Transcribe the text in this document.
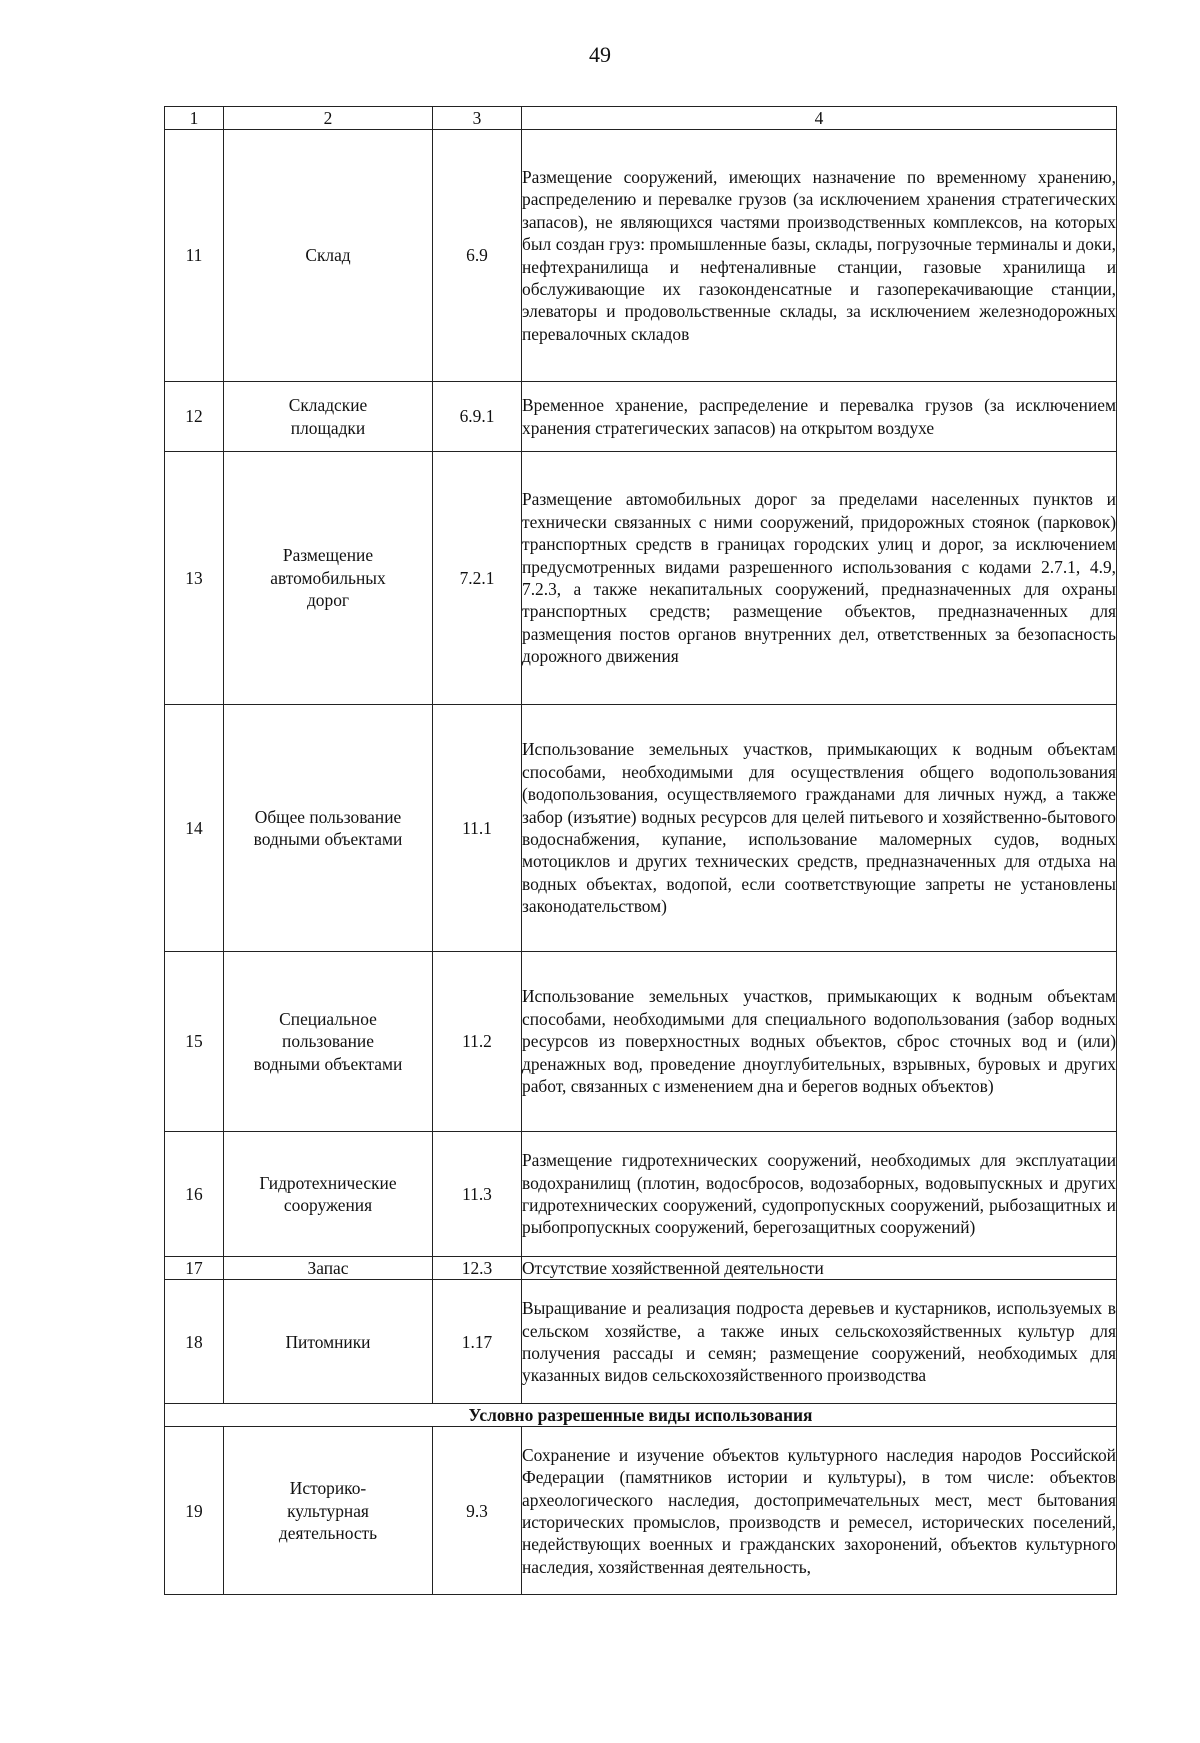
49
1	2	3	4
11	Склад	6.9	Размещение сооружений, имеющих назначение по временному хранению, распределению и перевалке грузов (за исключением хранения стратегических запасов), не являющихся частями производственных комплексов, на которых был создан груз: промышленные базы, склады, погрузочные терминалы и доки, нефтехранилища и нефтеналивные станции, газовые хранилища и обслуживающие их газоконденсатные и газоперекачивающие станции, элеваторы и продовольственные склады, за исключением железнодорожных перевалочных складов
12	Складские площадки	6.9.1	Временное хранение, распределение и перевалка грузов (за исключением хранения стратегических запасов) на открытом воздухе
13	Размещение автомобильных дорог	7.2.1	Размещение автомобильных дорог за пределами населенных пунктов и технически связанных с ними сооружений, придорожных стоянок (парковок) транспортных средств в границах городских улиц и дорог, за исключением предусмотренных видами разрешенного использования с кодами 2.7.1, 4.9, 7.2.3, а также некапитальных сооружений, предназначенных для охраны транспортных средств; размещение объектов, предназначенных для размещения постов органов внутренних дел, ответственных за безопасность дорожного движения
14	Общее пользование водными объектами	11.1	Использование земельных участков, примыкающих к водным объектам способами, необходимыми для осуществления общего водопользования (водопользования, осуществляемого гражданами для личных нужд, а также забор (изъятие) водных ресурсов для целей питьевого и хозяйственно-бытового водоснабжения, купание, использование маломерных судов, водных мотоциклов и других технических средств, предназначенных для отдыха на водных объектах, водопой, если соответствующие запреты не установлены законодательством)
15	Специальное пользование водными объектами	11.2	Использование земельных участков, примыкающих к водным объектам способами, необходимыми для специального водопользования (забор водных ресурсов из поверхностных водных объектов, сброс сточных вод и (или) дренажных вод, проведение дноуглубительных, взрывных, буровых и других работ, связанных с изменением дна и берегов водных объектов)
16	Гидротехнические сооружения	11.3	Размещение гидротехнических сооружений, необходимых для эксплуатации водохранилищ (плотин, водосбросов, водозаборных, водовыпускных и других гидротехнических сооружений, судопропускных сооружений, рыбозащитных и рыбопропускных сооружений, берегозащитных сооружений)
17	Запас	12.3	Отсутствие хозяйственной деятельности
18	Питомники	1.17	Выращивание и реализация подроста деревьев и кустарников, используемых в сельском хозяйстве, а также иных сельскохозяйственных культур для получения рассады и семян; размещение сооружений, необходимых для указанных видов сельскохозяйственного производства
Условно разрешенные виды использования			
19	Историко-культурная деятельность	9.3	Сохранение и изучение объектов культурного наследия народов Российской Федерации (памятников истории и культуры), в том числе: объектов археологического наследия, достопримечательных мест, мест бытования исторических промыслов, производств и ремесел, исторических поселений, недействующих военных и гражданских захоронений, объектов культурного наследия, хозяйственная деятельность,
